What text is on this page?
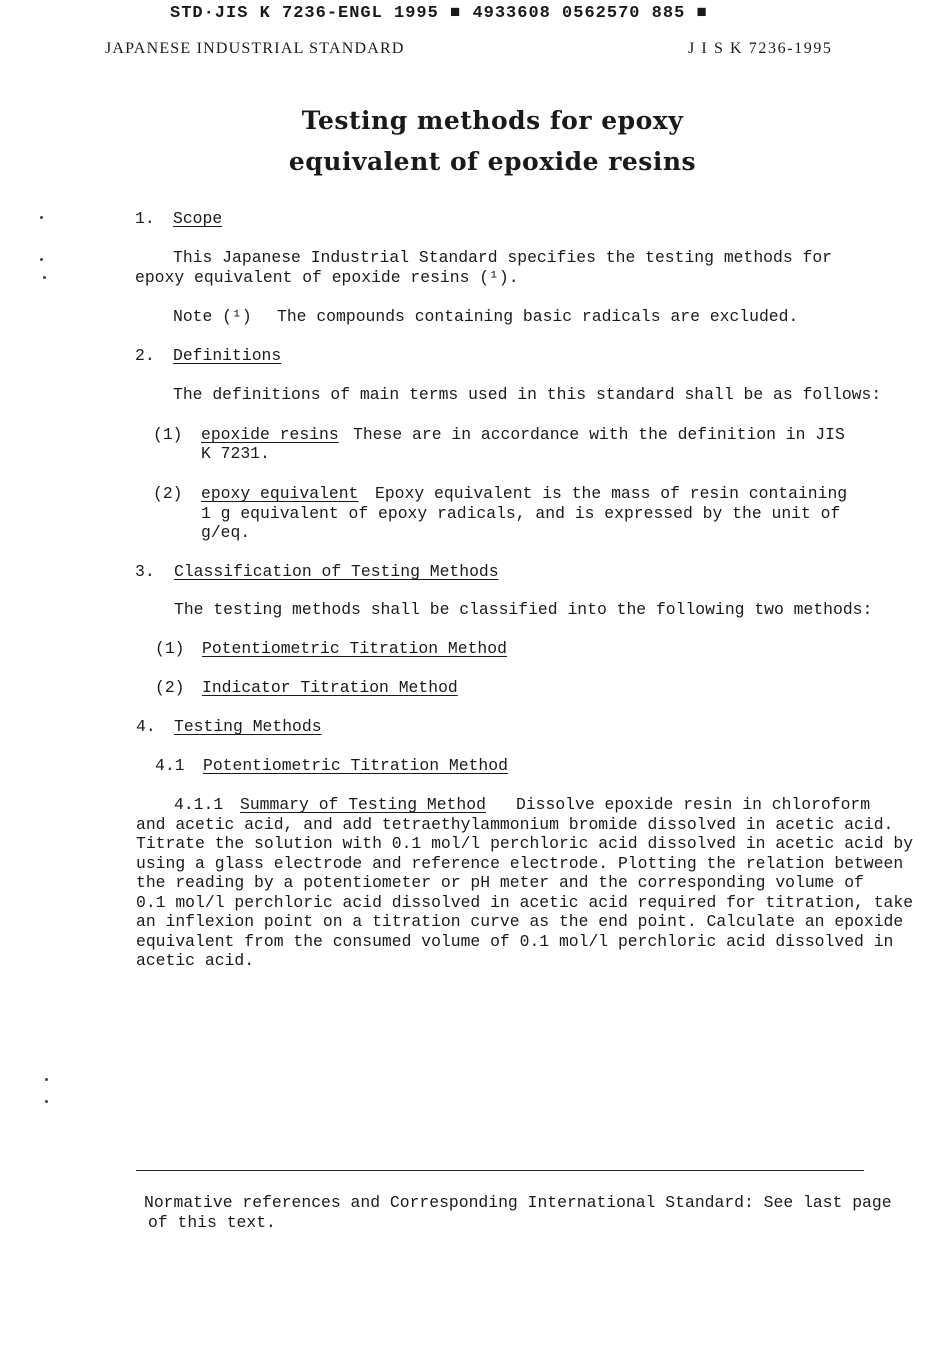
STD·JIS K 7236-ENGL 1995 ■ 4933608 0562570 885 ■
JAPANESE INDUSTRIAL STANDARD	J I S K 7236-1995
Testing methods for epoxy
equivalent of epoxide resins
1. Scope
This Japanese Industrial Standard specifies the testing methods for
epoxy equivalent of epoxide resins (¹).
Note (¹) The compounds containing basic radicals are excluded.
2. Definitions
The definitions of main terms used in this standard shall be as follows:
(1) epoxide resins These are in accordance with the definition in JIS
K 7231.
(2) epoxy equivalent Epoxy equivalent is the mass of resin containing
1 g equivalent of epoxy radicals, and is expressed by the unit of
g/eq.
3. Classification of Testing Methods
The testing methods shall be classified into the following two methods:
(1) Potentiometric Titration Method
(2) Indicator Titration Method
4. Testing Methods
4.1 Potentiometric Titration Method
4.1.1 Summary of Testing Method Dissolve epoxide resin in chloroform
and acetic acid, and add tetraethylammonium bromide dissolved in acetic acid.
Titrate the solution with 0.1 mol/l perchloric acid dissolved in acetic acid by
using a glass electrode and reference electrode. Plotting the relation between
the reading by a potentiometer or pH meter and the corresponding volume of
0.1 mol/l perchloric acid dissolved in acetic acid required for titration, take
an inflexion point on a titration curve as the end point. Calculate an epoxide
equivalent from the consumed volume of 0.1 mol/l perchloric acid dissolved in
acetic acid.
Normative references and Corresponding International Standard: See last page
of this text.
